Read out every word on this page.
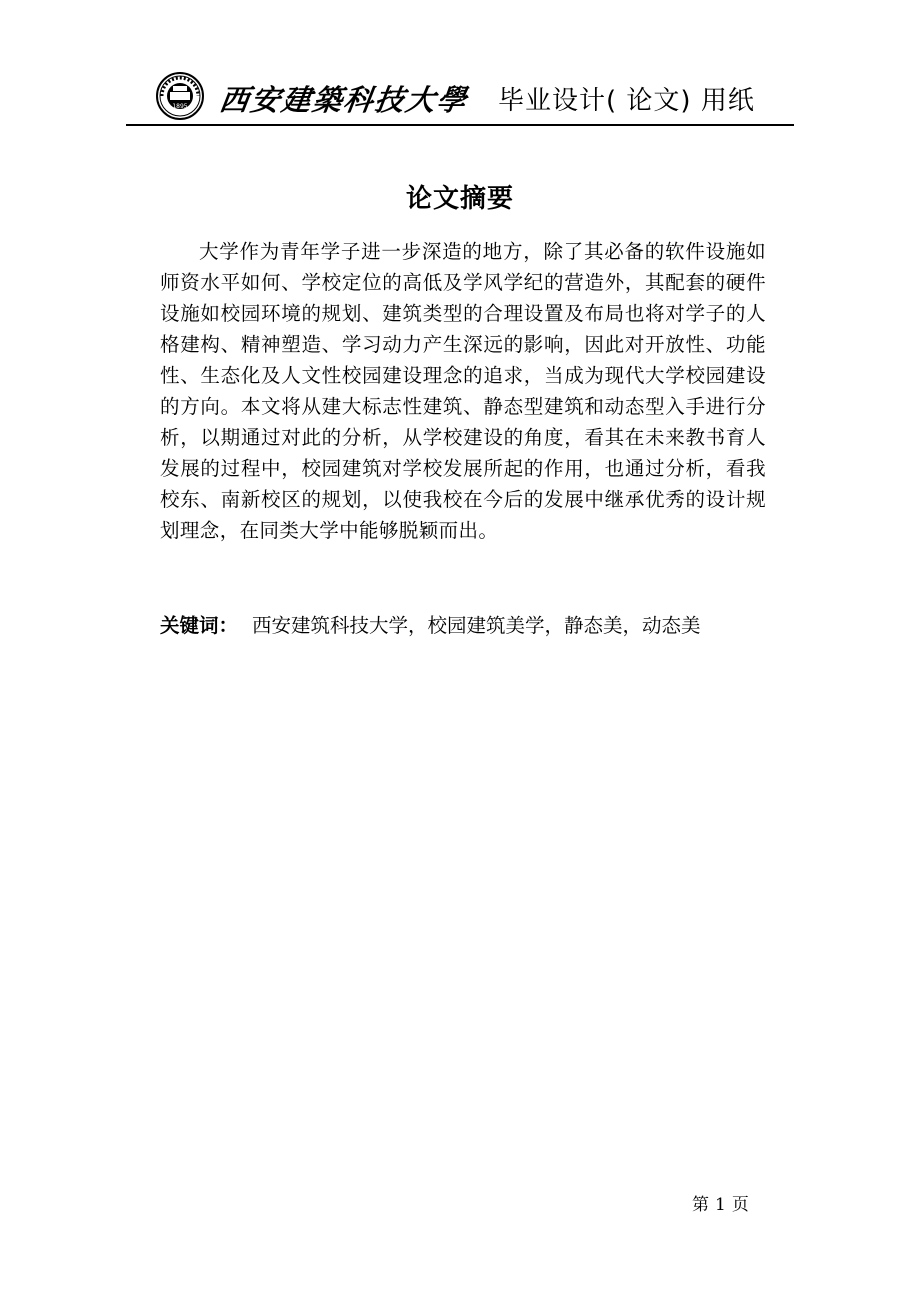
1895 西安建築科技大學 毕业设计( 论文) 用纸
论文摘要

大学作为青年学子进一步深造的地方，除了其必备的软件设施如师资水平如何、学校定位的高低及学风学纪的营造外，其配套的硬件设施如校园环境的规划、建筑类型的合理设置及布局也将对学子的人格建构、精神塑造、学习动力产生深远的影响，因此对开放性、功能性、生态化及人文性校园建设理念的追求，当成为现代大学校园建设的方向。本文将从建大标志性建筑、静态型建筑和动态型入手进行分析，以期通过对此的分析，从学校建设的角度，看其在未来教书育人发展的过程中，校园建筑对学校发展所起的作用，也通过分析，看我校东、南新校区的规划，以使我校在今后的发展中继承优秀的设计规划理念，在同类大学中能够脱颖而出。

关键词： 西安建筑科技大学，校园建筑美学，静态美，动态美
第 1 页
